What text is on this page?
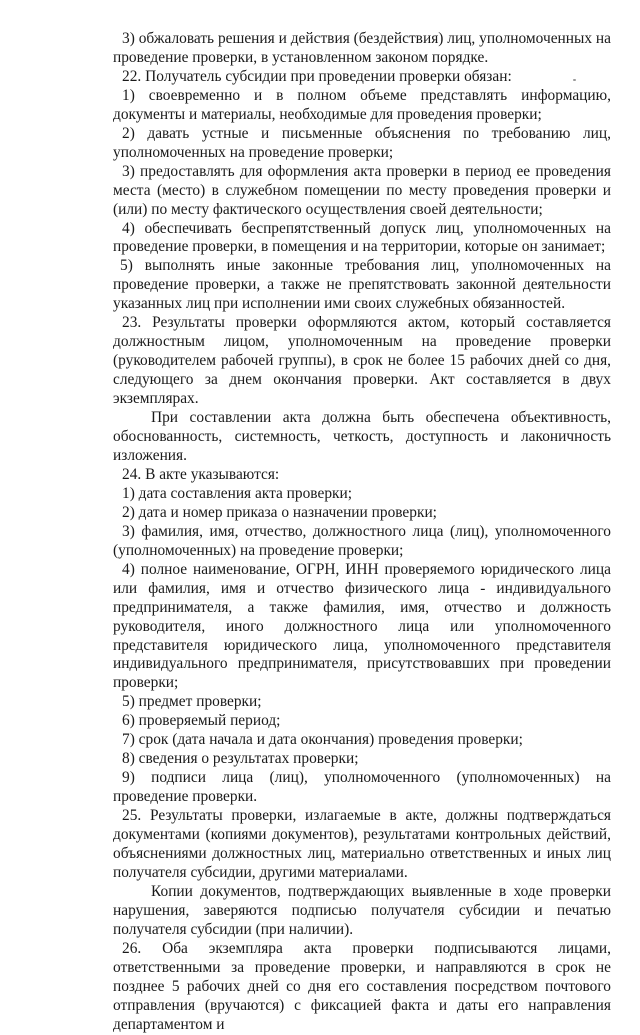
3) обжаловать решения и действия (бездействия) лиц, уполномоченных на проведение проверки, в установленном законом порядке.

22. Получатель субсидии при проведении проверки обязан:

1) своевременно и в полном объеме представлять информацию, документы и материалы, необходимые для проведения проверки;

2) давать устные и письменные объяснения по требованию лиц, уполномоченных на проведение проверки;

3) предоставлять для оформления акта проверки в период ее проведения места (место) в служебном помещении по месту проведения проверки и (или) по месту фактического осуществления своей деятельности;

4) обеспечивать беспрепятственный допуск лиц, уполномоченных на проведение проверки, в помещения и на территории, которые он занимает;

5) выполнять иные законные требования лиц, уполномоченных на проведение проверки, а также не препятствовать законной деятельности указанных лиц при исполнении ими своих служебных обязанностей.

23. Результаты проверки оформляются актом, который составляется должностным лицом, уполномоченным на проведение проверки (руководителем рабочей группы), в срок не более 15 рабочих дней со дня, следующего за днем окончания проверки. Акт составляется в двух экземплярах.

При составлении акта должна быть обеспечена объективность, обоснованность, системность, четкость, доступность и лаконичность изложения.

24. В акте указываются:

1) дата составления акта проверки;

2) дата и номер приказа о назначении проверки;

3) фамилия, имя, отчество, должностного лица (лиц), уполномоченного (уполномоченных) на проведение проверки;

4) полное наименование, ОГРН, ИНН проверяемого юридического лица или фамилия, имя и отчество физического лица - индивидуального предпринимателя, а также фамилия, имя, отчество и должность руководителя, иного должностного лица или уполномоченного представителя юридического лица, уполномоченного представителя индивидуального предпринимателя, присутствовавших при проведении проверки;

5) предмет проверки;

6) проверяемый период;

7) срок (дата начала и дата окончания) проведения проверки;

8) сведения о результатах проверки;

9) подписи лица (лиц), уполномоченного (уполномоченных) на проведение проверки.

25. Результаты проверки, излагаемые в акте, должны подтверждаться документами (копиями документов), результатами контрольных действий, объяснениями должностных лиц, материально ответственных и иных лиц получателя субсидии, другими материалами.

Копии документов, подтверждающих выявленные в ходе проверки нарушения, заверяются подписью получателя субсидии и печатью получателя субсидии (при наличии).

26. Оба экземпляра акта проверки подписываются лицами, ответственными за проведение проверки, и направляются в срок не позднее 5 рабочих дней со дня его составления посредством почтового отправления (вручаются) с фиксацией факта и даты его направления департаментом и
